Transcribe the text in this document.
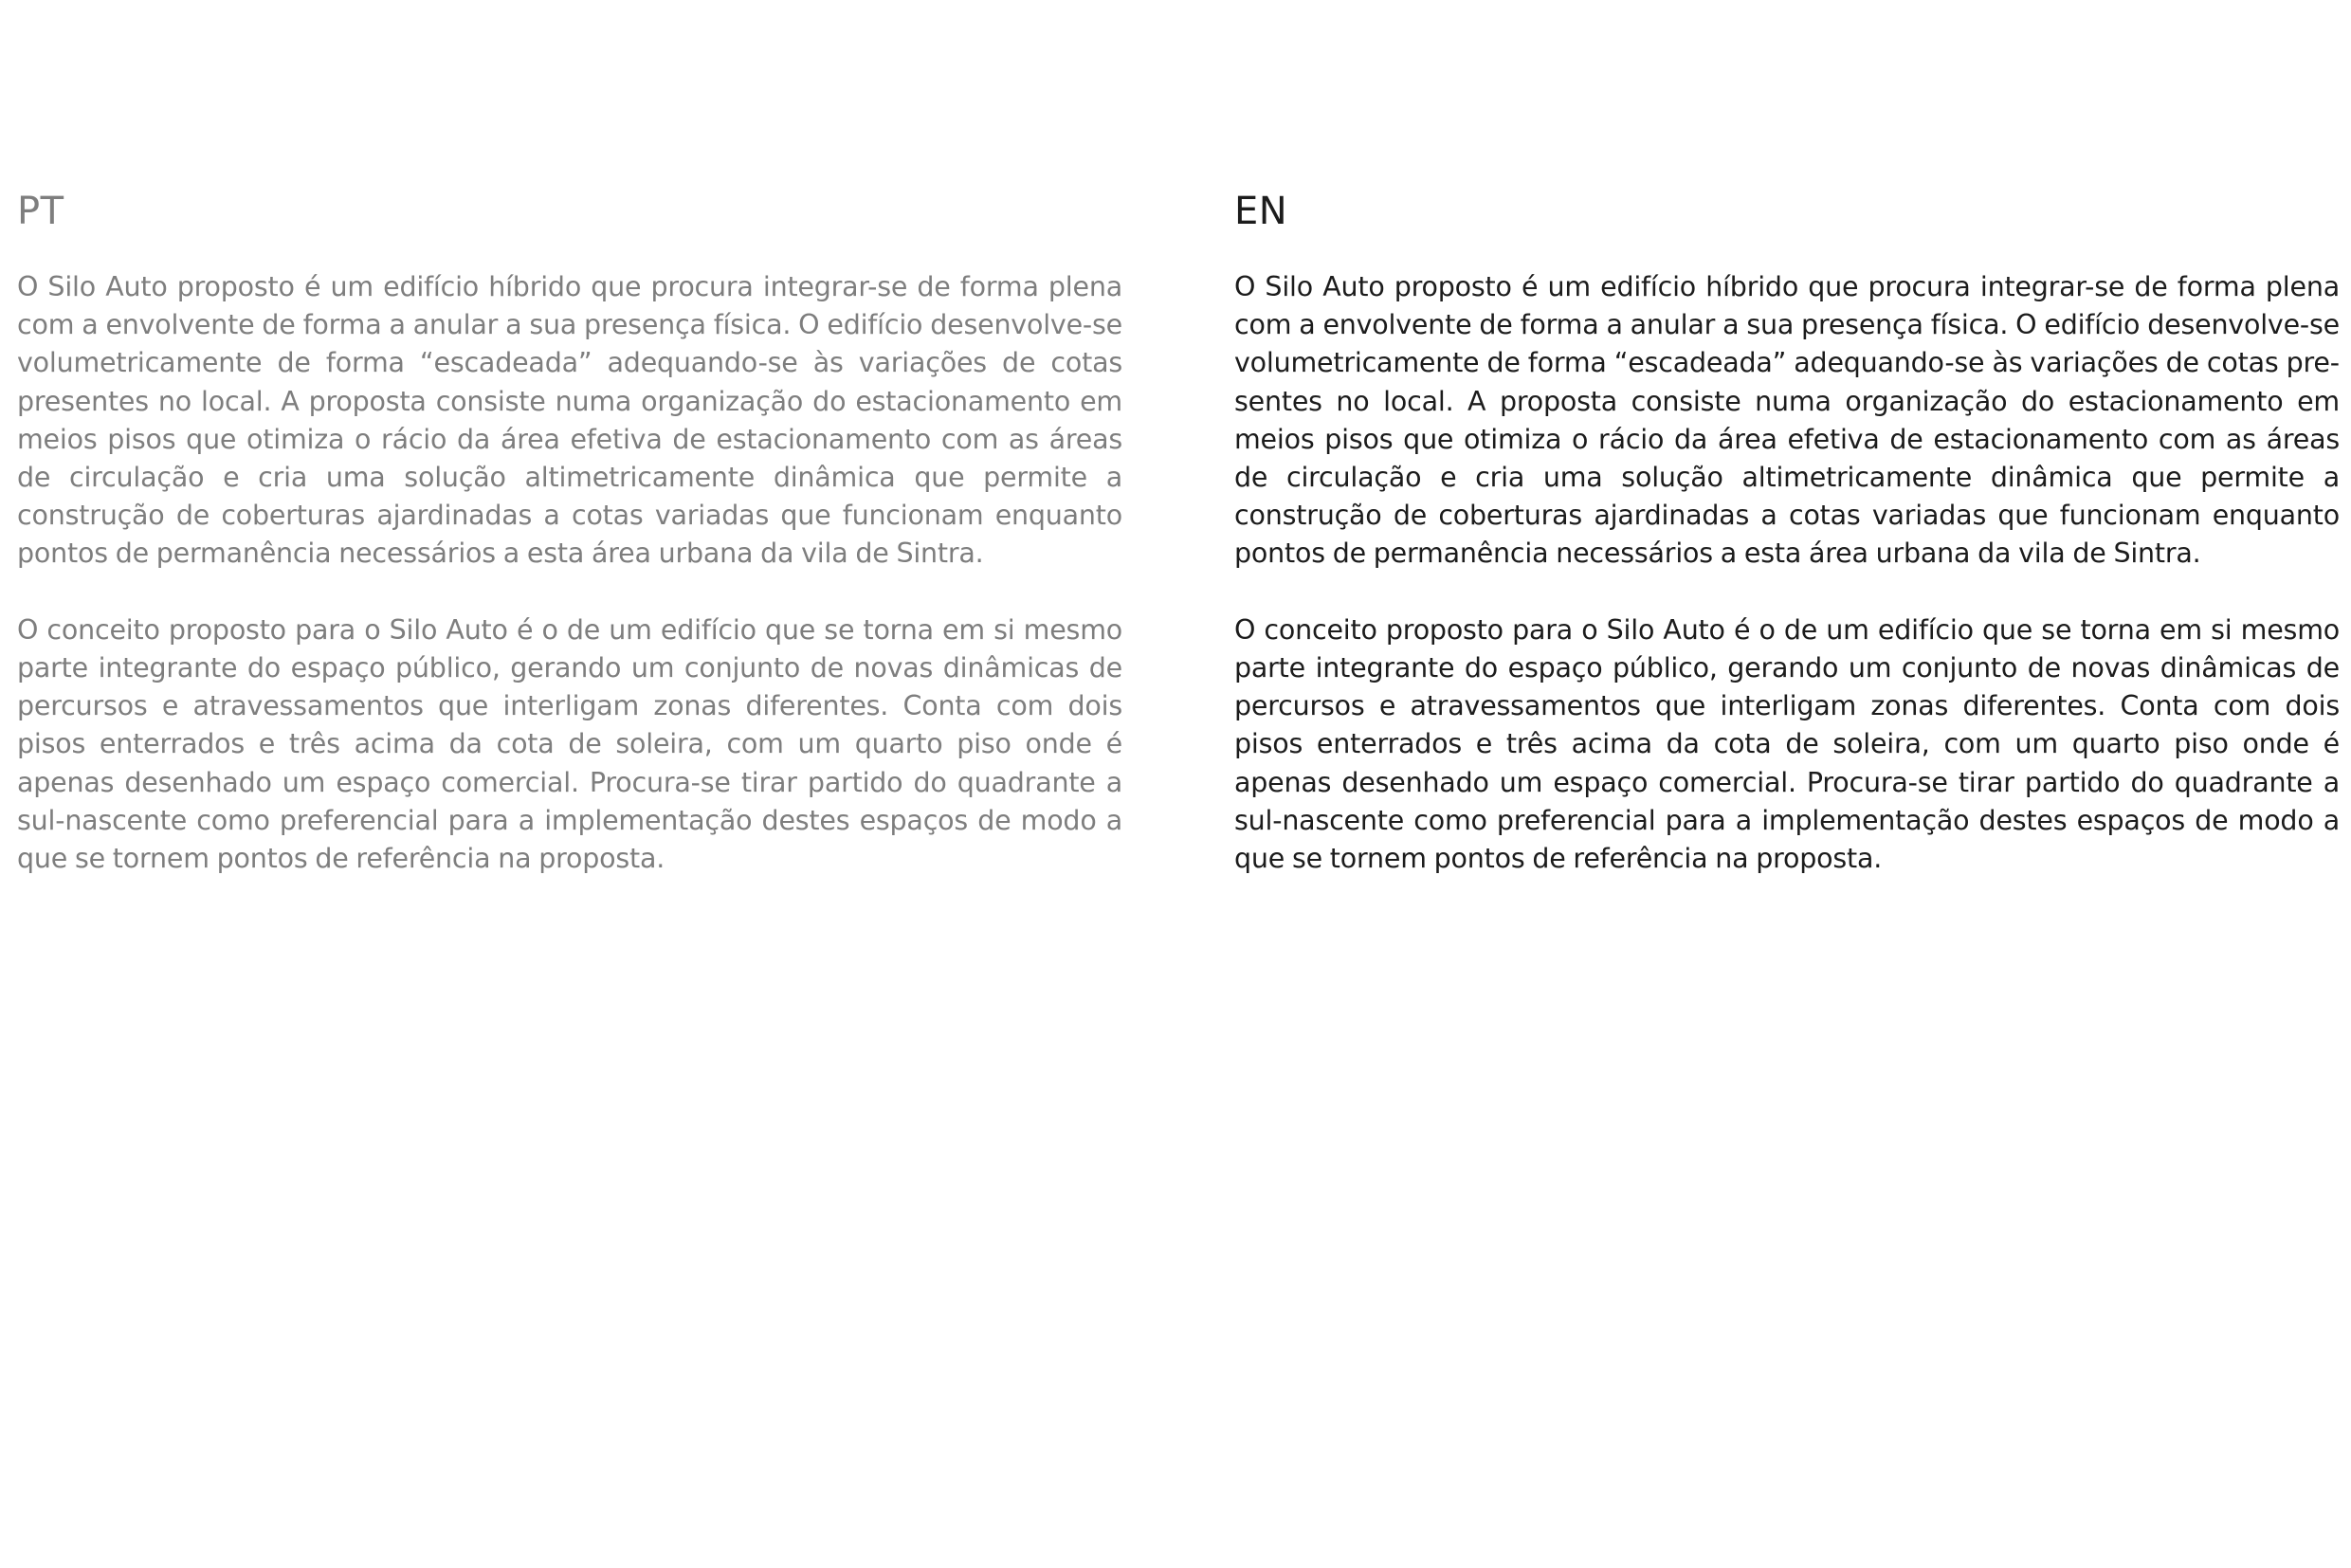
PT

O Silo Auto proposto é um edifício híbrido que procura integrar-se de forma plena com a envolvente de forma a anular a sua presença física. O edifício desenvolve-se volumetricamente de forma “escadeada” adequando-se às variações de cotas presentes no local. A proposta consiste numa organização do estacionamento em meios pisos que otimiza o rácio da área efetiva de estacionamento com as áreas de circulação e cria uma solução altimetricamente dinâmica que permite a construção de coberturas ajardinadas a cotas variadas que funcionam enquanto pontos de permanência necessários a esta área urbana da vila de Sintra.

O conceito proposto para o Silo Auto é o de um edifício que se torna em si mesmo parte integrante do espaço público, gerando um conjunto de novas dinâmicas de percursos e atravessamentos que interligam zonas diferentes. Conta com dois pisos enterrados e três acima da cota de soleira, com um quarto piso onde é apenas desenhado um espaço comercial. Procura-se tirar partido do quadrante a sul-nascente como preferencial para a implementação destes espaços de modo a que se tornem pontos de referência na proposta.

EN

O Silo Auto proposto é um edifício híbrido que procura integrar-se de forma plena com a envolvente de forma a anular a sua presença física. O edifício desenvolve-se volumetricamente de forma “escadeada” adequando-se às variações de cotas presentes no local. A proposta consiste numa organização do estacionamento em meios pisos que otimiza o rácio da área efetiva de estacionamento com as áreas de circulação e cria uma solução altimetricamente dinâmica que permite a construção de coberturas ajardinadas a cotas variadas que funcionam enquanto pontos de permanência necessários a esta área urbana da vila de Sintra.

O conceito proposto para o Silo Auto é o de um edifício que se torna em si mesmo parte integrante do espaço público, gerando um conjunto de novas dinâmicas de percursos e atravessamentos que interligam zonas diferentes. Conta com dois pisos enterrados e três acima da cota de soleira, com um quarto piso onde é apenas desenhado um espaço comercial. Procura-se tirar partido do quadrante a sul-nascente como preferencial para a implementação destes espaços de modo a que se tornem pontos de referência na proposta.
